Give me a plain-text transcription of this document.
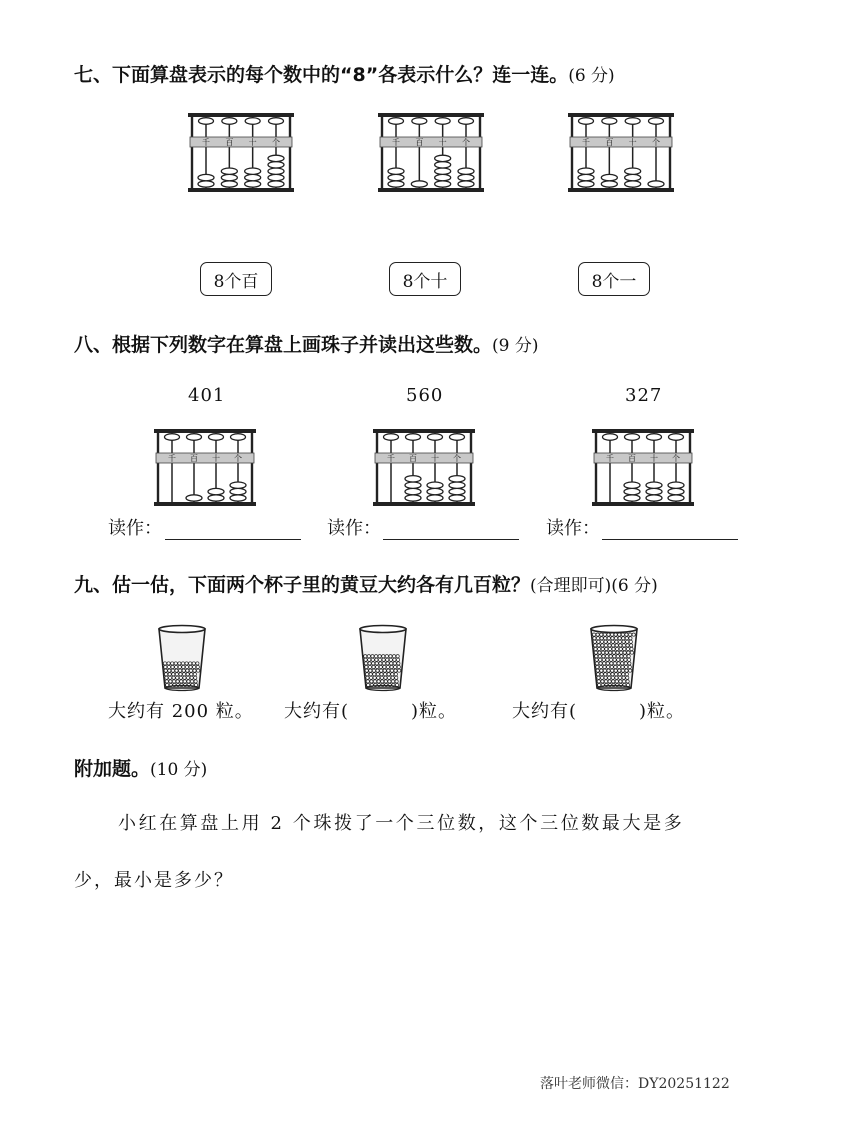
七、下面算盘表示的每个数中的“8”各表示什么？连一连。(6 分)
千 百 十 个	千 百 十 个	千 百 十 个
8个百	8个十	8个一
八、根据下列数字在算盘上画珠子并读出这些数。(9 分)
401	560	327
千 百 十 个	千 百 十 个	千 百 十 个
读作：	读作：	读作：
九、估一估，下面两个杯子里的黄豆大约各有几百粒？(合理即可)(6 分)
大约有 200 粒。 大约有(	)粒。	大约有(	)粒。
附加题。(10 分)
小红在算盘上用 2 个珠拨了一个三位数，这个三位数最大是多
少，最小是多少？
落叶老师微信：DY20251122
